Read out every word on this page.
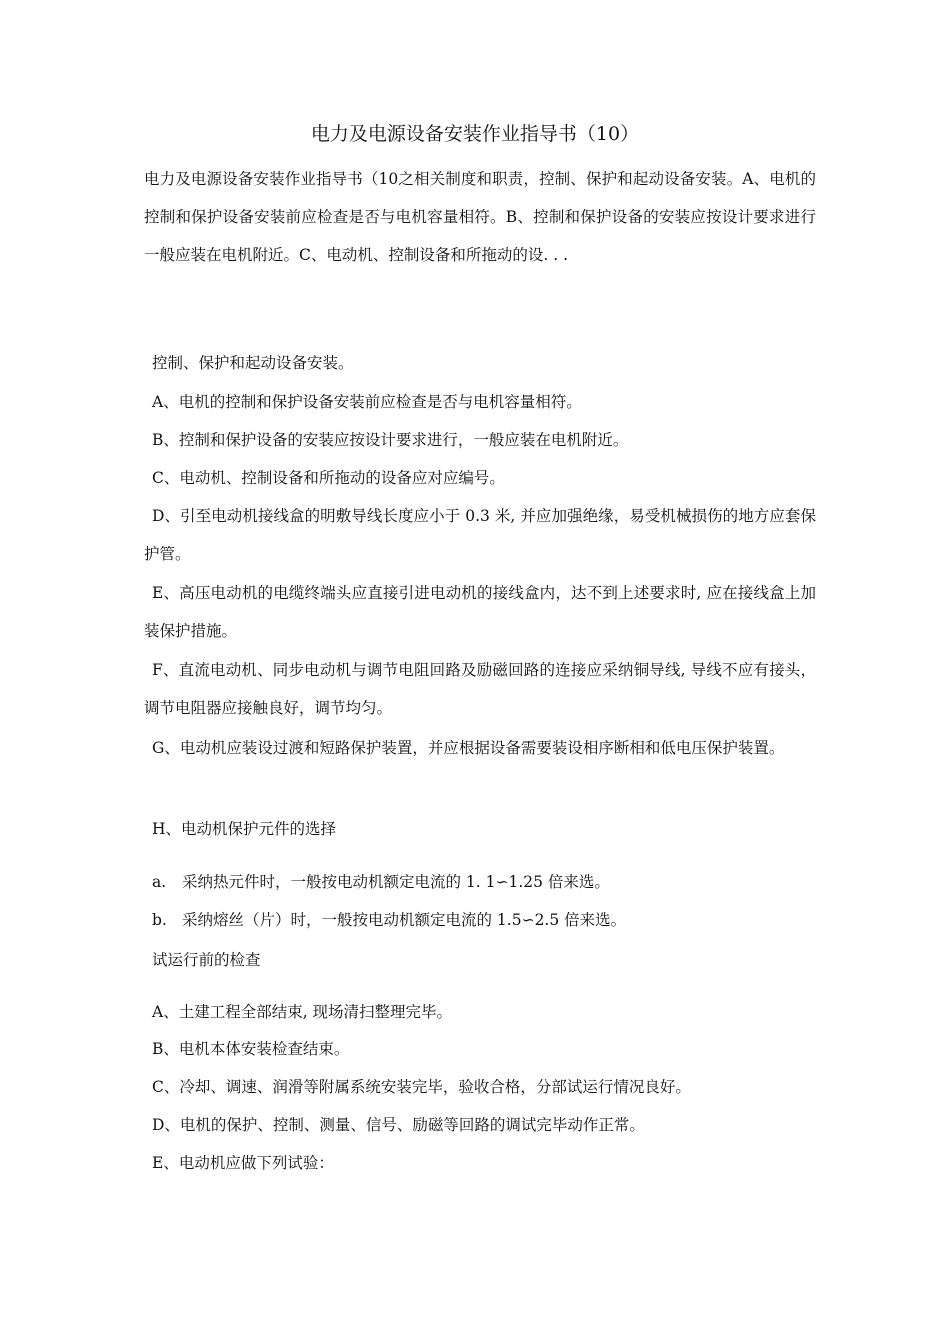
电力及电源设备安装作业指导书（10）
电力及电源设备安装作业指导书（10之相关制度和职责，控制、保护和起动设备安装。A、电机的控制和保护设备安装前应检查是否与电机容量相符。B、控制和保护设备的安装应按设计要求进行一般应装在电机附近。C、电动机、控制设备和所拖动的设. . .
控制、保护和起动设备安装。
A、电机的控制和保护设备安装前应检查是否与电机容量相符。
B、控制和保护设备的安装应按设计要求进行，一般应装在电机附近。
C、电动机、控制设备和所拖动的设备应对应编号。
D、引至电动机接线盒的明敷导线长度应小于 0.3 米, 并应加强绝缘，易受机械损伤的地方应套保护管。
E、高压电动机的电缆终端头应直接引进电动机的接线盒内，达不到上述要求时, 应在接线盒上加装保护措施。
F、直流电动机、同步电动机与调节电阻回路及励磁回路的连接应采纳铜导线, 导线不应有接头，调节电阻器应接触良好，调节均匀。
G、电动机应装设过渡和短路保护装置，并应根据设备需要装设相序断相和低电压保护装置。
H、电动机保护元件的选择
a. 采纳热元件时，一般按电动机额定电流的 1. 1∽1.25 倍来选。
b. 采纳熔丝（片）时，一般按电动机额定电流的 1.5∽2.5 倍来选。
试运行前的检查
A、土建工程全部结束, 现场清扫整理完毕。
B、电机本体安装检查结束。
C、冷却、调速、润滑等附属系统安装完毕，验收合格，分部试运行情况良好。
D、电机的保护、控制、测量、信号、励磁等回路的调试完毕动作正常。
E、电动机应做下列试验：
